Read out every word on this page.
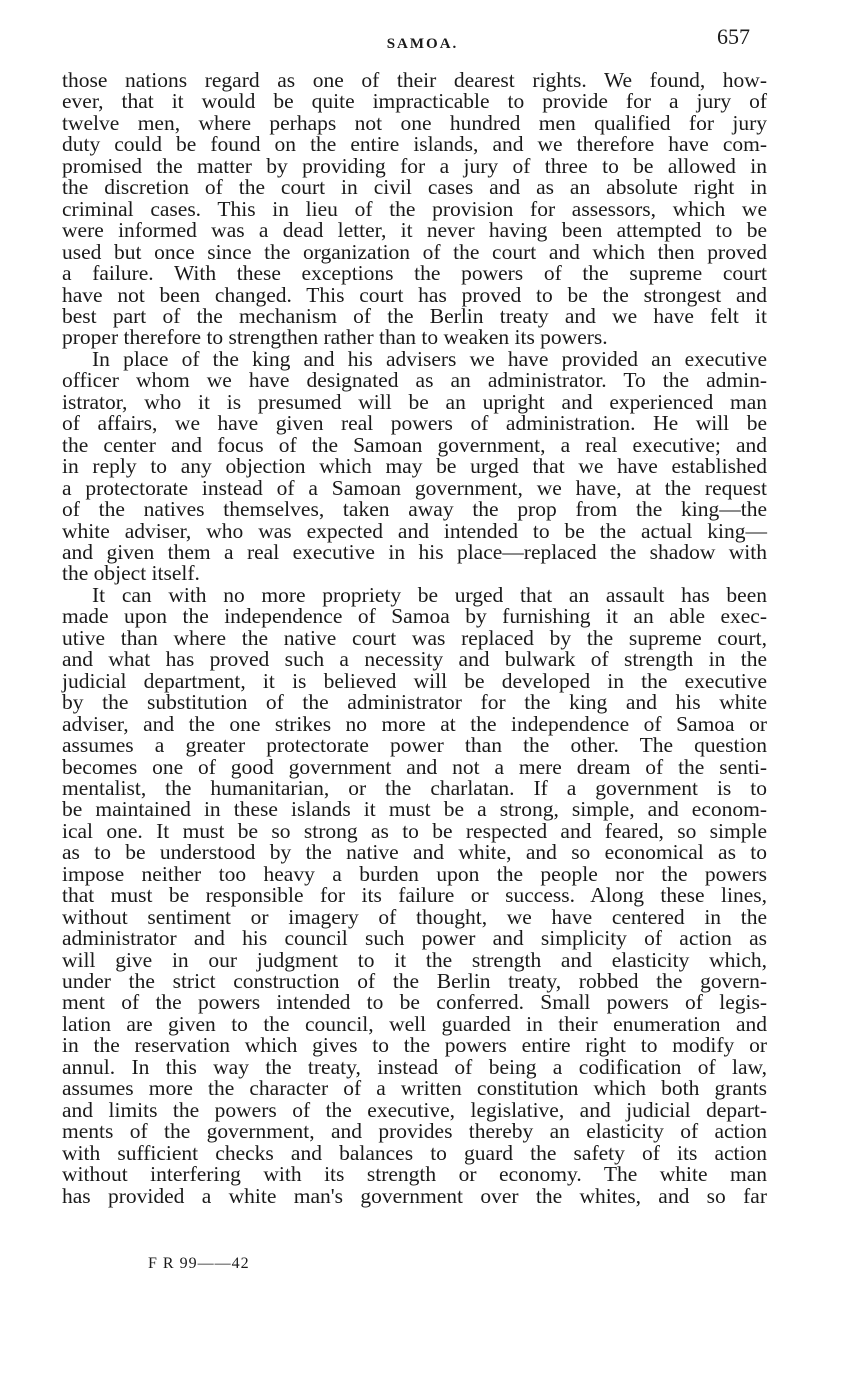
SAMOA.	657
those nations regard as one of their dearest rights. We found, how-
ever, that it would be quite impracticable to provide for a jury of
twelve men, where perhaps not one hundred men qualified for jury
duty could be found on the entire islands, and we therefore have com-
promised the matter by providing for a jury of three to be allowed in
the discretion of the court in civil cases and as an absolute right in
criminal cases. This in lieu of the provision for assessors, which we
were informed was a dead letter, it never having been attempted to be
used but once since the organization of the court and which then proved
a failure. With these exceptions the powers of the supreme court
have not been changed. This court has proved to be the strongest and
best part of the mechanism of the Berlin treaty and we have felt it
proper therefore to strengthen rather than to weaken its powers.
In place of the king and his advisers we have provided an executive
officer whom we have designated as an administrator. To the admin-
istrator, who it is presumed will be an upright and experienced man
of affairs, we have given real powers of administration. He will be
the center and focus of the Samoan government, a real executive; and
in reply to any objection which may be urged that we have established
a protectorate instead of a Samoan government, we have, at the request
of the natives themselves, taken away the prop from the king—the
white adviser, who was expected and intended to be the actual king—
and given them a real executive in his place—replaced the shadow with
the object itself.
It can with no more propriety be urged that an assault has been
made upon the independence of Samoa by furnishing it an able exec-
utive than where the native court was replaced by the supreme court,
and what has proved such a necessity and bulwark of strength in the
judicial department, it is believed will be developed in the executive
by the substitution of the administrator for the king and his white
adviser, and the one strikes no more at the independence of Samoa or
assumes a greater protectorate power than the other. The question
becomes one of good government and not a mere dream of the senti-
mentalist, the humanitarian, or the charlatan. If a government is to
be maintained in these islands it must be a strong, simple, and econom-
ical one. It must be so strong as to be respected and feared, so simple
as to be understood by the native and white, and so economical as to
impose neither too heavy a burden upon the people nor the powers
that must be responsible for its failure or success. Along these lines,
without sentiment or imagery of thought, we have centered in the
administrator and his council such power and simplicity of action as
will give in our judgment to it the strength and elasticity which,
under the strict construction of the Berlin treaty, robbed the govern-
ment of the powers intended to be conferred. Small powers of legis-
lation are given to the council, well guarded in their enumeration and
in the reservation which gives to the powers entire right to modify or
annul. In this way the treaty, instead of being a codification of law,
assumes more the character of a written constitution which both grants
and limits the powers of the executive, legislative, and judicial depart-
ments of the government, and provides thereby an elasticity of action
with sufficient checks and balances to guard the safety of its action
without interfering with its strength or economy. The white man
has provided a white man's government over the whites, and so far
F R 99——42
